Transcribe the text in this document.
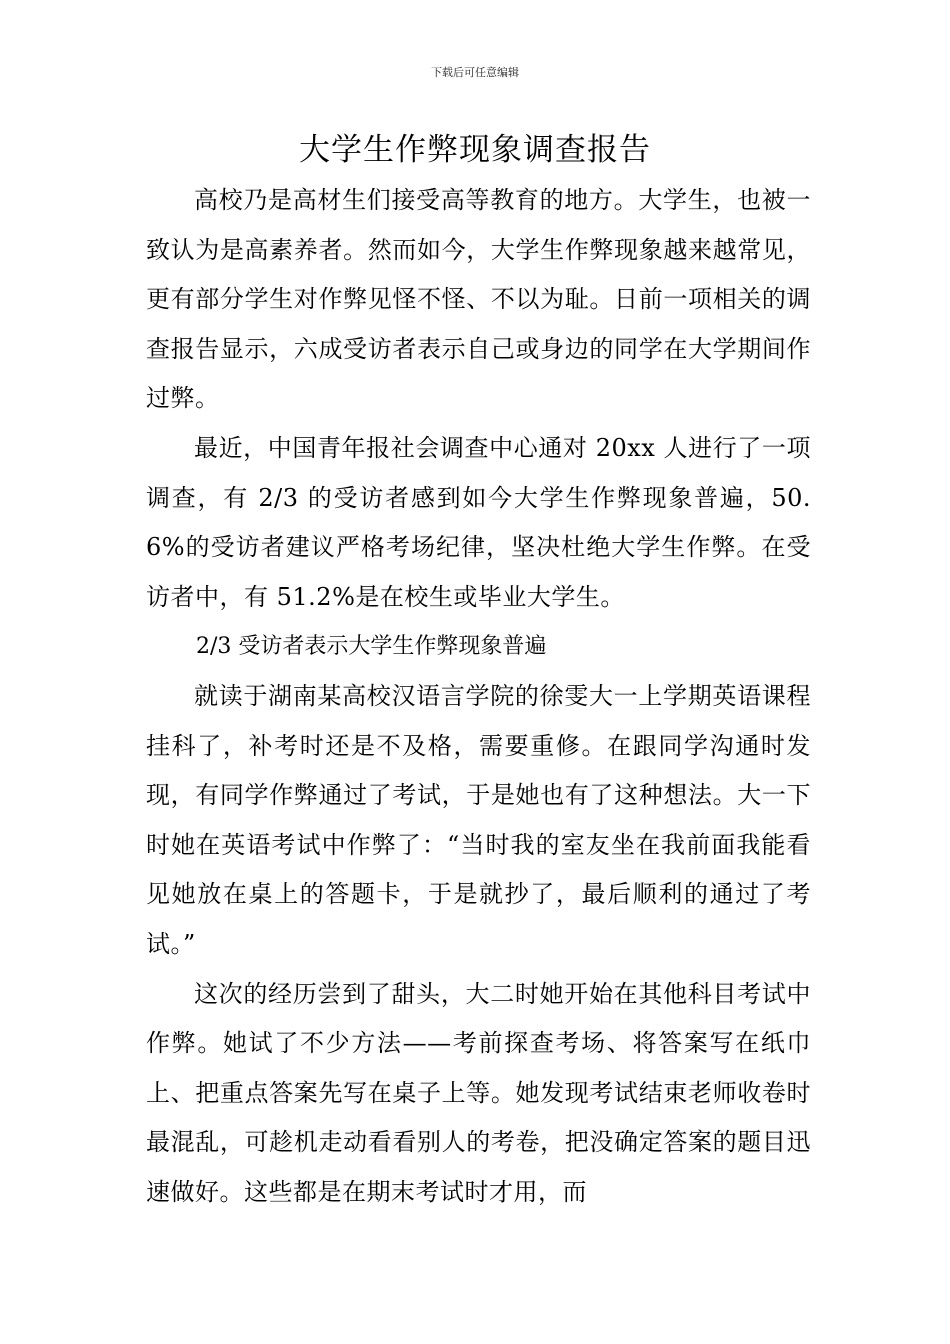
下载后可任意编辑
大学生作弊现象调查报告

高校乃是高材生们接受高等教育的地方。大学生，也被一致认为是高素养者。然而如今，大学生作弊现象越来越常见，更有部分学生对作弊见怪不怪、不以为耻。日前一项相关的调查报告显示，六成受访者表示自己或身边的同学在大学期间作过弊。

最近，中国青年报社会调查中心通对 20xx 人进行了一项调查，有 2/3 的受访者感到如今大学生作弊现象普遍，50.6%的受访者建议严格考场纪律，坚决杜绝大学生作弊。在受访者中，有 51.2%是在校生或毕业大学生。

2/3 受访者表示大学生作弊现象普遍

就读于湖南某高校汉语言学院的徐雯大一上学期英语课程挂科了，补考时还是不及格，需要重修。在跟同学沟通时发现，有同学作弊通过了考试，于是她也有了这种想法。大一下时她在英语考试中作弊了：“当时我的室友坐在我前面我能看见她放在桌上的答题卡，于是就抄了，最后顺利的通过了考试。”

这次的经历尝到了甜头，大二时她开始在其他科目考试中作弊。她试了不少方法——考前探查考场、将答案写在纸巾上、把重点答案先写在桌子上等。她发现考试结束老师收卷时最混乱，可趁机走动看看别人的考卷，把没确定答案的题目迅速做好。这些都是在期末考试时才用，而
